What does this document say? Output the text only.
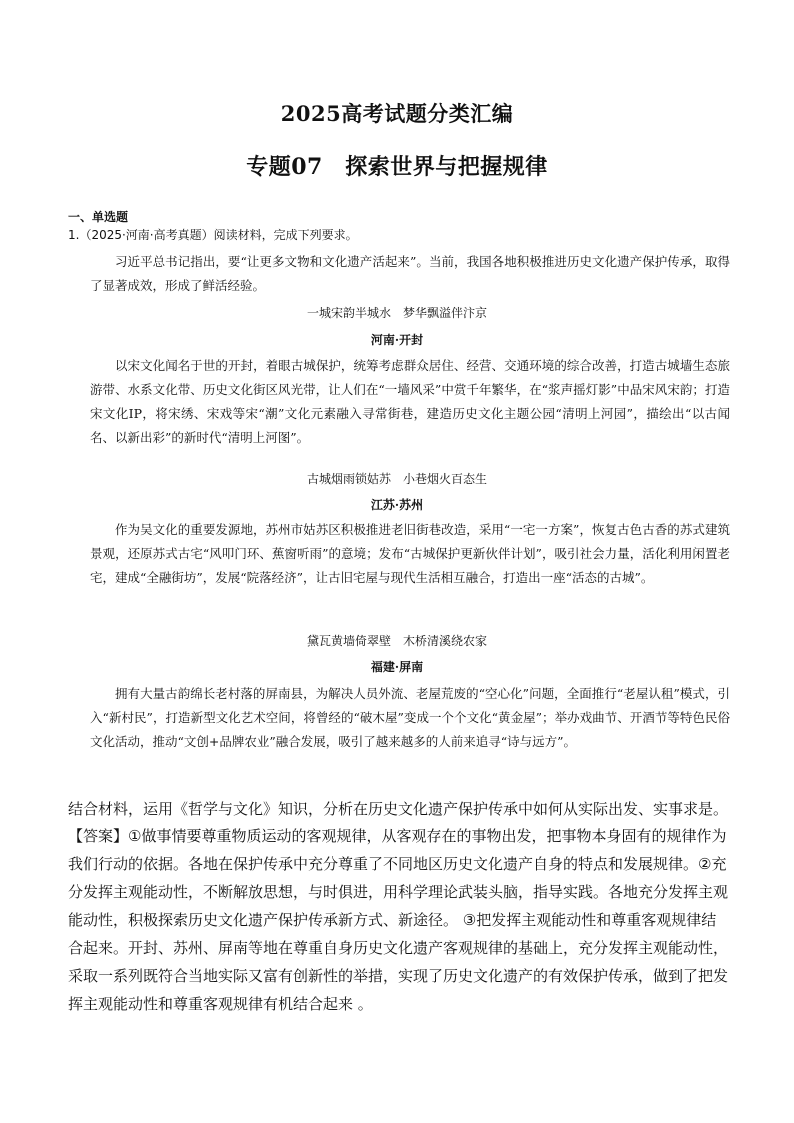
2025高考试题分类汇编
专题07　探索世界与把握规律
一、单选题
1.（2025·河南·高考真题）阅读材料，完成下列要求。
习近平总书记指出，要“让更多文物和文化遗产活起来”。当前，我国各地积极推进历史文化遗产保护传承，取得了显著成效，形成了鲜活经验。
一城宋韵半城水　梦华飘溢伴汴京
河南·开封
以宋文化闻名于世的开封，着眼古城保护，统筹考虑群众居住、经营、交通环境的综合改善，打造古城墙生态旅游带、水系文化带、历史文化街区风光带，让人们在“一墙风采”中赏千年繁华，在“浆声摇灯影”中品宋风宋韵；打造宋文化IP，将宋绣、宋戏等宋“潮”文化元素融入寻常街巷，建造历史文化主题公园“清明上河园”，描绘出“以古闻名、以新出彩”的新时代“清明上河图”。
古城烟雨锁姑苏　小巷烟火百态生
江苏·苏州
作为吴文化的重要发源地，苏州市姑苏区积极推进老旧街巷改造，采用“一宅一方案”，恢复古色古香的苏式建筑景观，还原苏式古宅“风叩门环、蕉窗听雨”的意境；发布“古城保护更新伙伴计划”，吸引社会力量，活化利用闲置老宅，建成“全融街坊”，发展“院落经济”，让古旧宅屋与现代生活相互融合，打造出一座“活态的古城”。
黛瓦黄墙倚翠壁　木桥清溪绕农家
福建·屏南
拥有大量古韵绵长老村落的屏南县，为解决人员外流、老屋荒废的“空心化”问题，全面推行“老屋认租”模式，引入“新村民”，打造新型文化艺术空间，将曾经的“破木屋”变成一个个文化“黄金屋”；举办戏曲节、开酒节等特色民俗文化活动，推动“文创+品牌农业”融合发展，吸引了越来越多的人前来追寻“诗与远方”。
结合材料，运用《哲学与文化》知识，分析在历史文化遗产保护传承中如何从实际出发、实事求是。
【答案】①做事情要尊重物质运动的客观规律，从客观存在的事物出发，把事物本身固有的规律作为我们行动的依据。各地在保护传承中充分尊重了不同地区历史文化遗产自身的特点和发展规律。②充分发挥主观能动性，不断解放思想，与时俱进，用科学理论武装头脑，指导实践。各地充分发挥主观能动性，积极探索历史文化遗产保护传承新方式、新途径。 ③把发挥主观能动性和尊重客观规律结合起来。开封、苏州、屏南等地在尊重自身历史文化遗产客观规律的基础上，充分发挥主观能动性，采取一系列既符合当地实际又富有创新性的举措，实现了历史文化遗产的有效保护传承，做到了把发挥主观能动性和尊重客观规律有机结合起来 。
